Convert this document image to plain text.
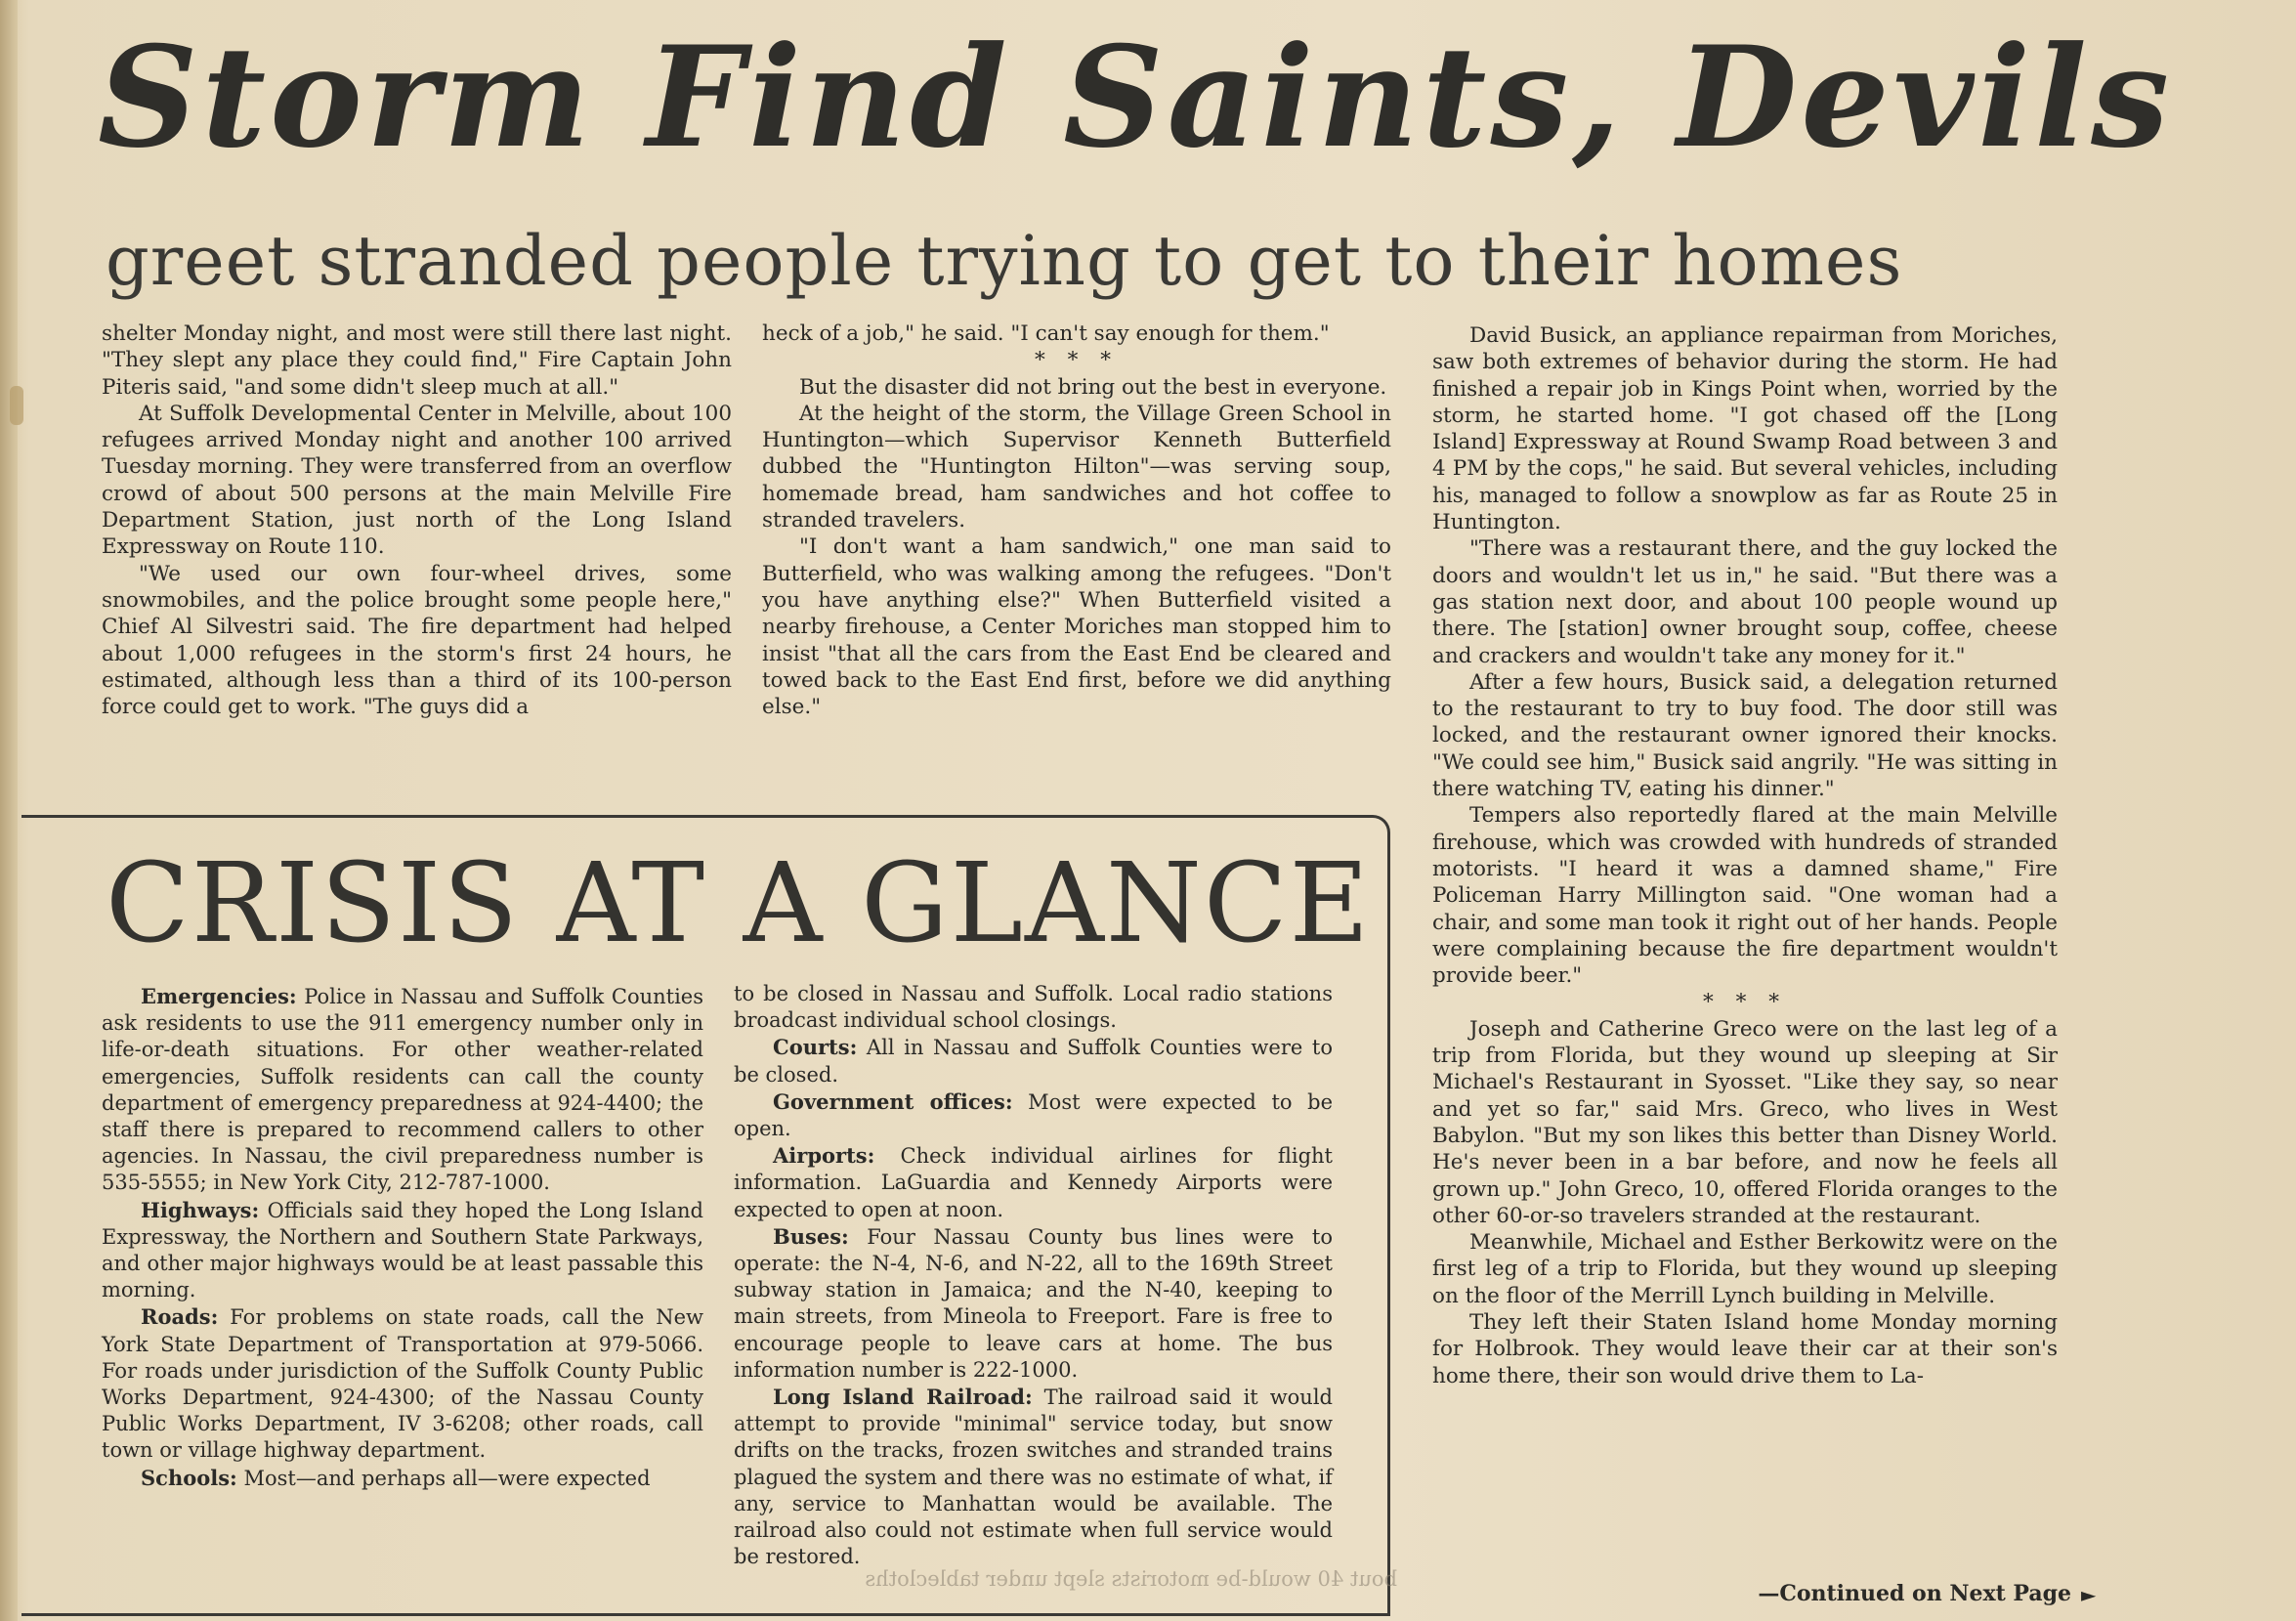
Storm Find Saints, Devils
greet stranded people trying to get to their homes

shelter Monday night, and most were still there last night. "They slept any place they could find," Fire Captain John Piteris said, "and some didn't sleep much at all."

At Suffolk Developmental Center in Melville, about 100 refugees arrived Monday night and another 100 arrived Tuesday morning. They were transferred from an overflow crowd of about 500 persons at the main Melville Fire Department Station, just north of the Long Island Expressway on Route 110.

"We used our own four-wheel drives, some snowmobiles, and the police brought some people here," Chief Al Silvestri said. The fire department had helped about 1,000 refugees in the storm's first 24 hours, he estimated, although less than a third of its 100-person force could get to work. "The guys did a

heck of a job," he said. "I can't say enough for them."

* * *

But the disaster did not bring out the best in everyone.

At the height of the storm, the Village Green School in Huntington—which Supervisor Kenneth Butterfield dubbed the "Huntington Hilton"—was serving soup, homemade bread, ham sandwiches and hot coffee to stranded travelers.

"I don't want a ham sandwich," one man said to Butterfield, who was walking among the refugees. "Don't you have anything else?" When Butterfield visited a nearby firehouse, a Center Moriches man stopped him to insist "that all the cars from the East End be cleared and towed back to the East End first, before we did anything else."

David Busick, an appliance repairman from Moriches, saw both extremes of behavior during the storm. He had finished a repair job in Kings Point when, worried by the storm, he started home. "I got chased off the [Long Island] Expressway at Round Swamp Road between 3 and 4 PM by the cops," he said. But several vehicles, including his, managed to follow a snowplow as far as Route 25 in Huntington.

"There was a restaurant there, and the guy locked the doors and wouldn't let us in," he said. "But there was a gas station next door, and about 100 people wound up there. The [station] owner brought soup, coffee, cheese and crackers and wouldn't take any money for it."

After a few hours, Busick said, a delegation returned to the restaurant to try to buy food. The door still was locked, and the restaurant owner ignored their knocks. "We could see him," Busick said angrily. "He was sitting in there watching TV, eating his dinner."

Tempers also reportedly flared at the main Melville firehouse, which was crowded with hundreds of stranded motorists. "I heard it was a damned shame," Fire Policeman Harry Millington said. "One woman had a chair, and some man took it right out of her hands. People were complaining because the fire department wouldn't provide beer."

* * *

Joseph and Catherine Greco were on the last leg of a trip from Florida, but they wound up sleeping at Sir Michael's Restaurant in Syosset. "Like they say, so near and yet so far," said Mrs. Greco, who lives in West Babylon. "But my son likes this better than Disney World. He's never been in a bar before, and now he feels all grown up." John Greco, 10, offered Florida oranges to the other 60-or-so travelers stranded at the restaurant.

Meanwhile, Michael and Esther Berkowitz were on the first leg of a trip to Florida, but they wound up sleeping on the floor of the Merrill Lynch building in Melville.

They left their Staten Island home Monday morning for Holbrook. They would leave their car at their son's home there, their son would drive them to La-

CRISIS AT A GLANCE

Emergencies: Police in Nassau and Suffolk Counties ask residents to use the 911 emergency number only in life-or-death situations. For other weather-related emergencies, Suffolk residents can call the county department of emergency preparedness at 924-4400; the staff there is prepared to recommend callers to other agencies. In Nassau, the civil preparedness number is 535-5555; in New York City, 212-787-1000.

Highways: Officials said they hoped the Long Island Expressway, the Northern and Southern State Parkways, and other major highways would be at least passable this morning.

Roads: For problems on state roads, call the New York State Department of Transportation at 979-5066. For roads under jurisdiction of the Suffolk County Public Works Department, 924-4300; of the Nassau County Public Works Department, IV 3-6208; other roads, call town or village highway department.

Schools: Most—and perhaps all—were expected

to be closed in Nassau and Suffolk. Local radio stations broadcast individual school closings.

Courts: All in Nassau and Suffolk Counties were to be closed.

Government offices: Most were expected to be open.

Airports: Check individual airlines for flight information. LaGuardia and Kennedy Airports were expected to open at noon.

Buses: Four Nassau County bus lines were to operate: the N-4, N-6, and N-22, all to the 169th Street subway station in Jamaica; and the N-40, keeping to main streets, from Mineola to Freeport. Fare is free to encourage people to leave cars at home. The bus information number is 222-1000.

Long Island Railroad: The railroad said it would attempt to provide "minimal" service today, but snow drifts on the tracks, frozen switches and stranded trains plagued the system and there was no estimate of what, if any, service to Manhattan would be available. The railroad also could not estimate when full service would be restored.

bout 40 would-be motorists slept under tablecloths
—Continued on Next Page ►
